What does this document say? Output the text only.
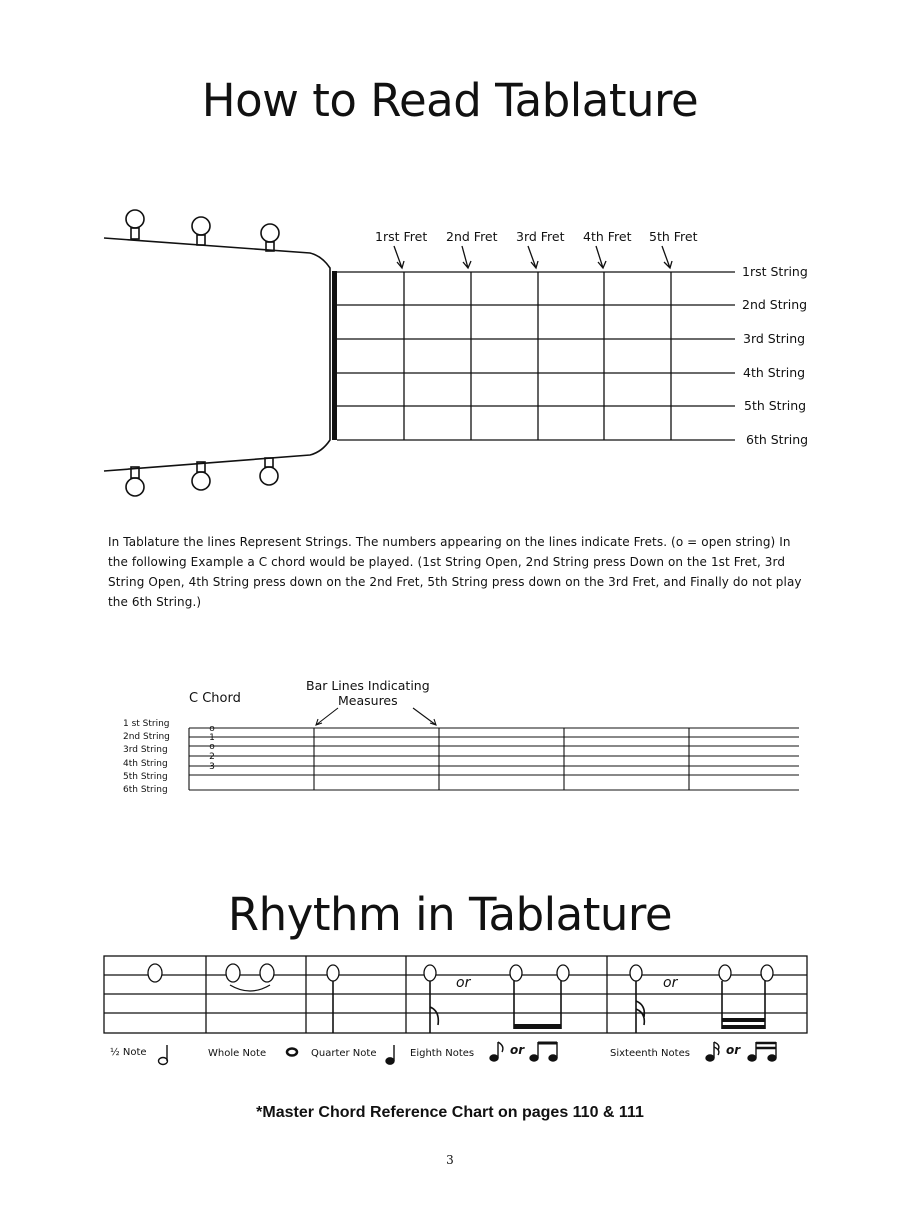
How to Read Tablature
1rst Fret 2nd Fret 3rd Fret 4th Fret 5th Fret
1rst String
2nd String
3rd String
4th String
5th String
6th String
In Tablature the lines Represent Strings. The numbers appearing on the lines indicate Frets. (o = open string) In the following Example a C chord would be played. (1st String Open, 2nd String press Down on the 1st Fret, 3rd String Open, 4th String press down on the 2nd Fret, 5th String press down on the 3rd Fret, and Finally do not play the 6th String.)
C Chord
Bar Lines Indicating
Measures
1 st String
2nd String
3rd String
4th String
5th String
6th String
o
1
o
2
3
Rhythm in Tablature
or	or
½ Note	Whole Note	Quarter Note	Eighth Notes	Sixteenth Notes
or	or
*Master Chord Reference Chart on pages 110 & 111
3
